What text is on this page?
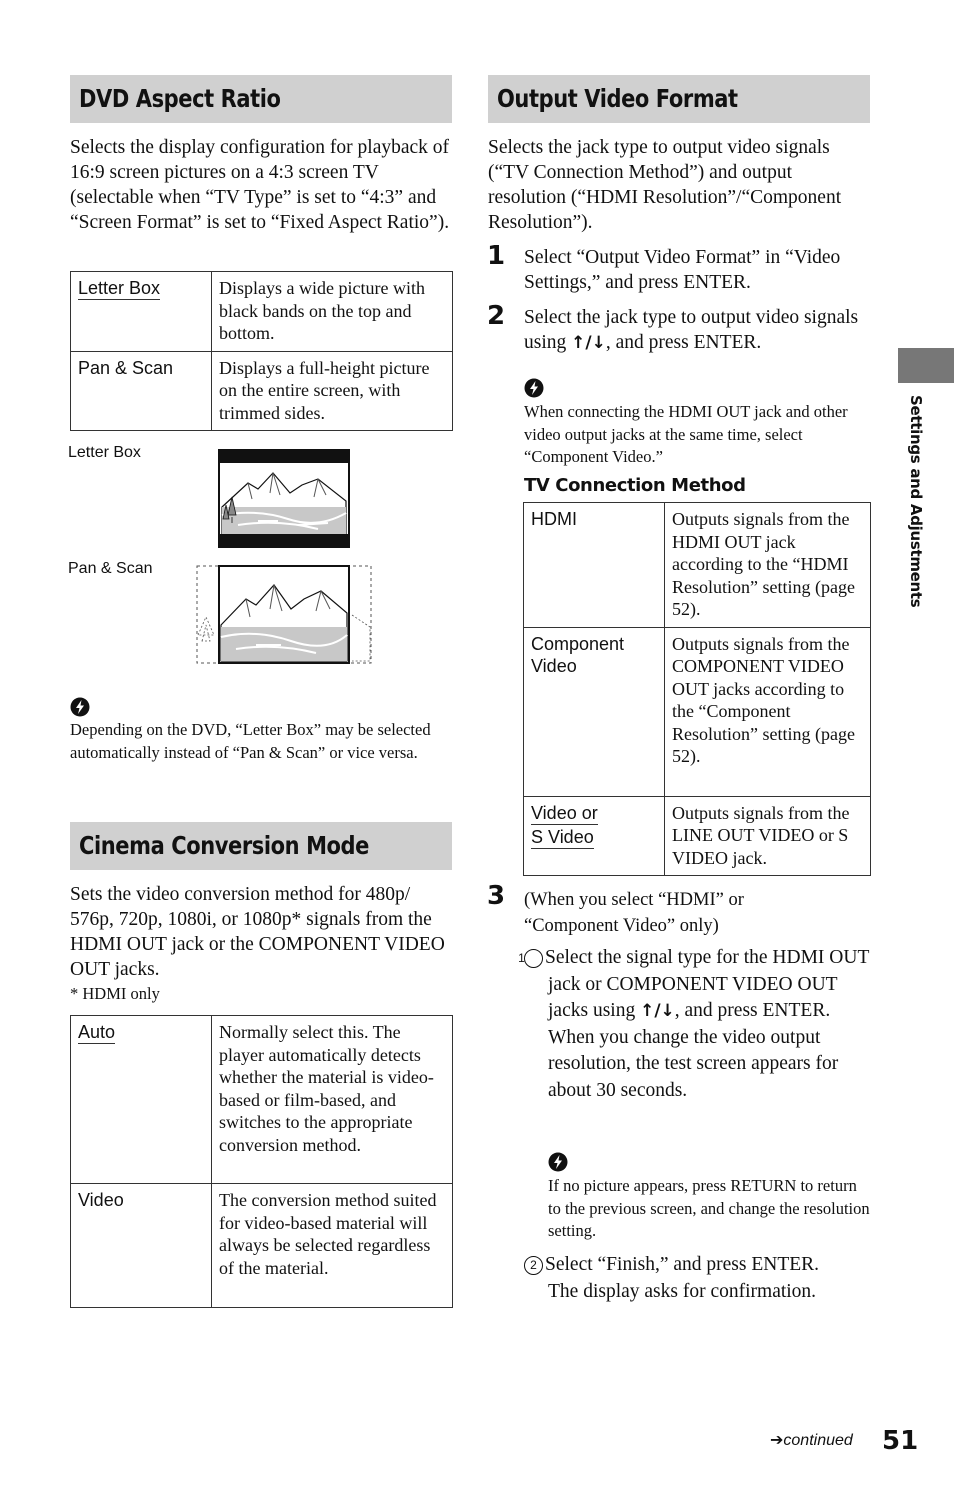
DVD Aspect Ratio
Selects the display configuration for playback of 16:9 screen pictures on a 4:3 screen TV (selectable when “TV Type” is set to “4:3” and “Screen Format” is set to “Fixed Aspect Ratio”).
Letter Box	Displays a wide picture with black bands on the top and bottom.
Pan & Scan	Displays a full-height picture on the entire screen, with trimmed sides.
Letter Box
Pan & Scan
Depending on the DVD, “Letter Box” may be selected automatically instead of “Pan & Scan” or vice versa.
Cinema Conversion Mode
Sets the video conversion method for 480p/ 576p, 720p, 1080i, or 1080p* signals from the HDMI OUT jack or the COMPONENT VIDEO OUT jacks.
* HDMI only
Auto	Normally select this. The player automatically detects whether the material is video-based or film-based, and switches to the appropriate conversion method.
Video	The conversion method suited for video-based material will always be selected regardless of the material.
Output Video Format
Selects the jack type to output video signals (“TV Connection Method”) and output resolution (“HDMI Resolution”/“Component Resolution”).
1 Select “Output Video Format” in “Video Settings,” and press ENTER.
2 Select the jack type to output video signals using ↑/↓, and press ENTER.
When connecting the HDMI OUT jack and other video output jacks at the same time, select “Component Video.”
TV Connection Method
HDMI	Outputs signals from the HDMI OUT jack according to the “HDMI Resolution” setting (page 52).

Component
Video	Outputs signals from the COMPONENT VIDEO OUT jacks according to the “Component Resolution” setting (page 52).

Video or
S Video	Outputs signals from the LINE OUT VIDEO or S VIDEO jack.
3 (When you select “HDMI” or “Component Video” only)
1 Select the signal type for the HDMI OUT jack or COMPONENT VIDEO OUT jacks using ↑/↓, and press ENTER.
When you change the video output resolution, the test screen appears for about 30 seconds.
If no picture appears, press RETURN to return to the previous screen, and change the resolution setting.
2 Select “Finish,” and press ENTER.
The display asks for confirmation.
Settings and Adjustments
➔continued 51
